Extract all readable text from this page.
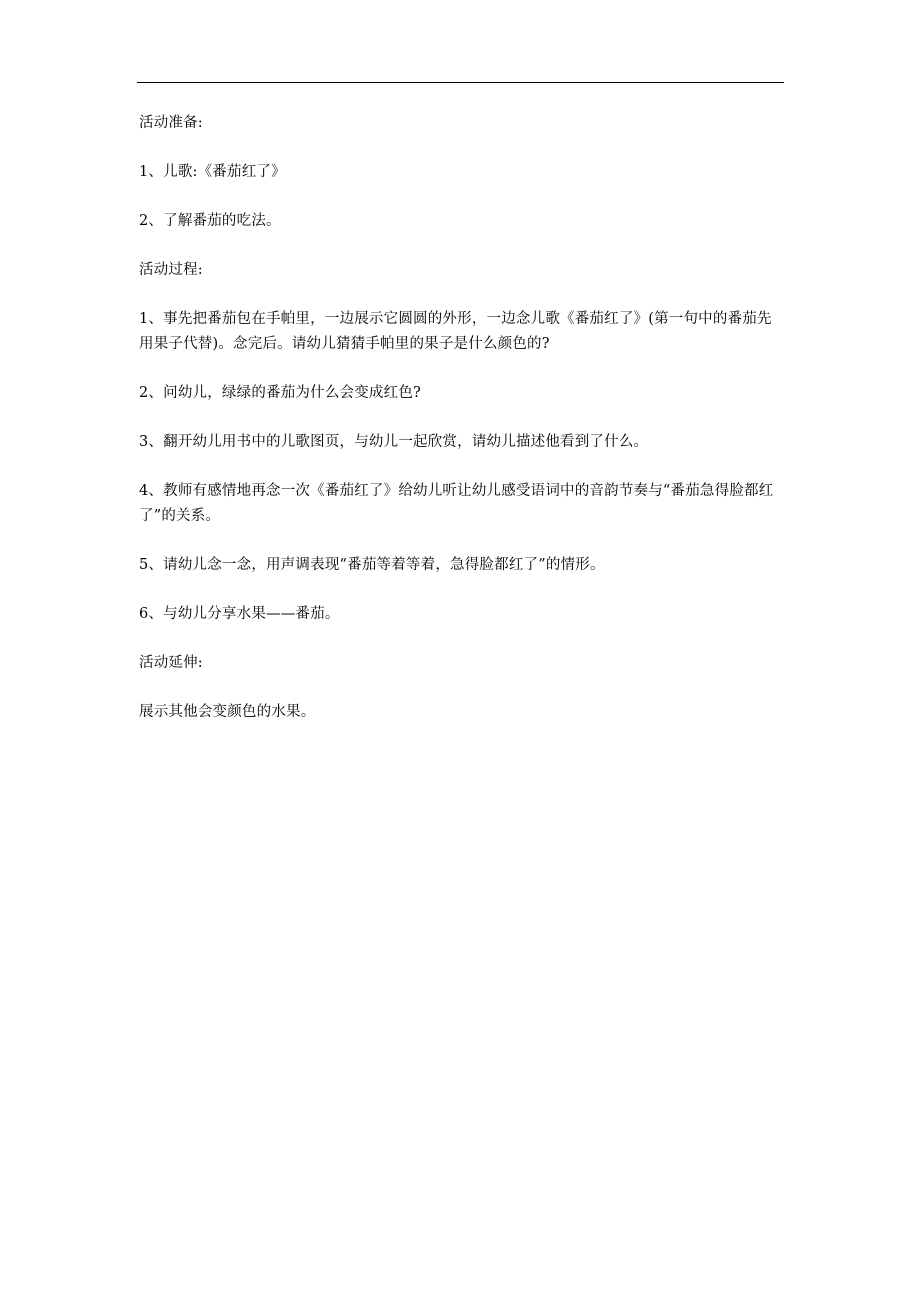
活动准备:

1、儿歌:《番茄红了》

2、了解番茄的吃法。

活动过程:

1、事先把番茄包在手帕里，一边展示它圆圆的外形，一边念儿歌《番茄红了》(第一句中的番茄先用果子代替)。念完后。请幼儿猜猜手帕里的果子是什么颜色的?

2、问幼儿，绿绿的番茄为什么会变成红色?

3、翻开幼儿用书中的儿歌图页，与幼儿一起欣赏，请幼儿描述他看到了什么。

4、教师有感情地再念一次《番茄红了》给幼儿听让幼儿感受语词中的音韵节奏与“番茄急得脸都红了”的关系。

5、请幼儿念一念，用声调表现“番茄等着等着，急得脸都红了”的情形。

6、与幼儿分享水果——番茄。

活动延伸:

展示其他会变颜色的水果。
